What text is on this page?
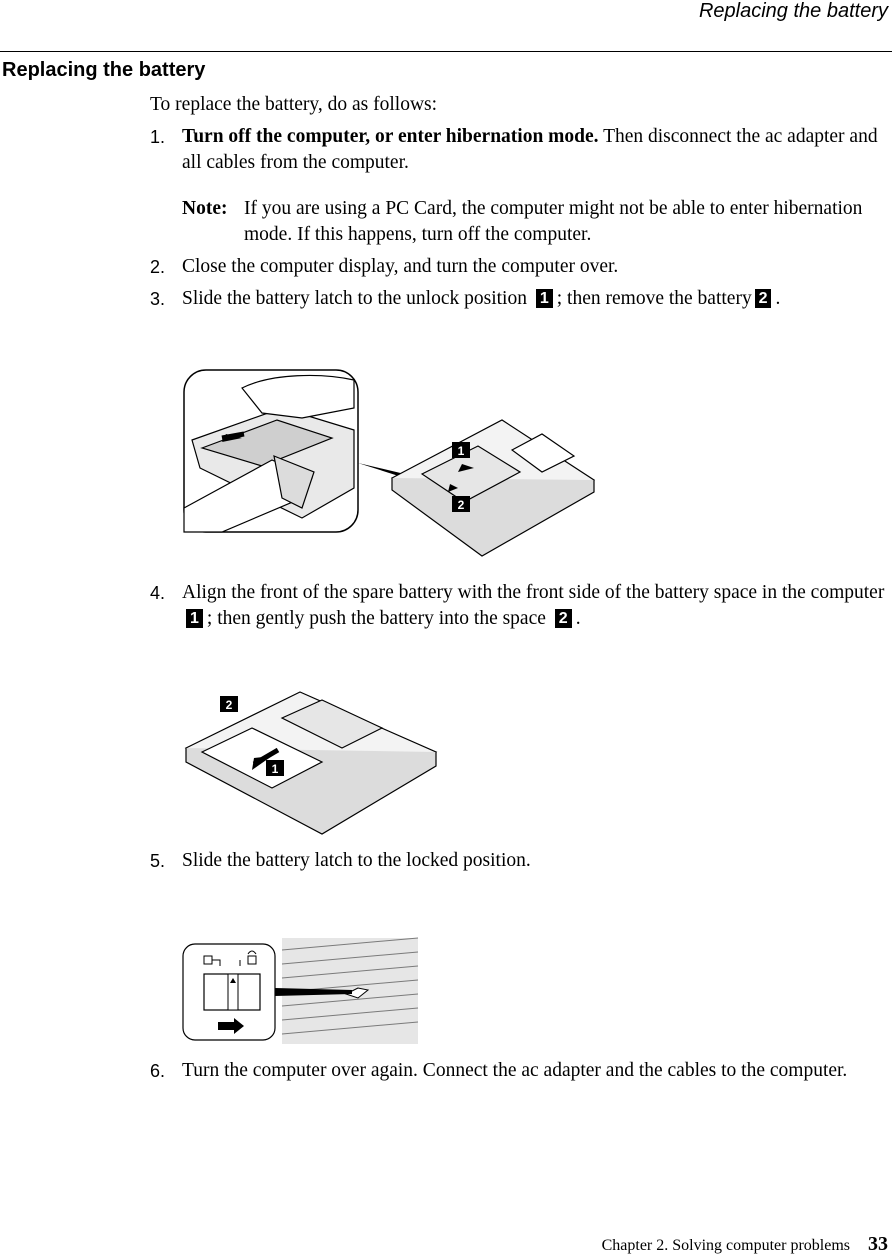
Replacing the battery
Replacing the battery

To replace the battery, do as follows:

1. Turn off the computer, or enter hibernation mode. Then disconnect the ac adapter and all cables from the computer.
Note: If you are using a PC Card, the computer might not be able to enter hibernation mode. If this happens, turn off the computer.
2. Close the computer display, and turn the computer over.
3. Slide the battery latch to the unlock position 1 ; then remove the battery 2 .
1
2
4. Align the front of the spare battery with the front side of the battery space in the computer 1 ; then gently push the battery into the space 2 .
2
1
5. Slide the battery latch to the locked position.
6. Turn the computer over again. Connect the ac adapter and the cables to the computer.
Chapter 2. Solving computer problems 33
